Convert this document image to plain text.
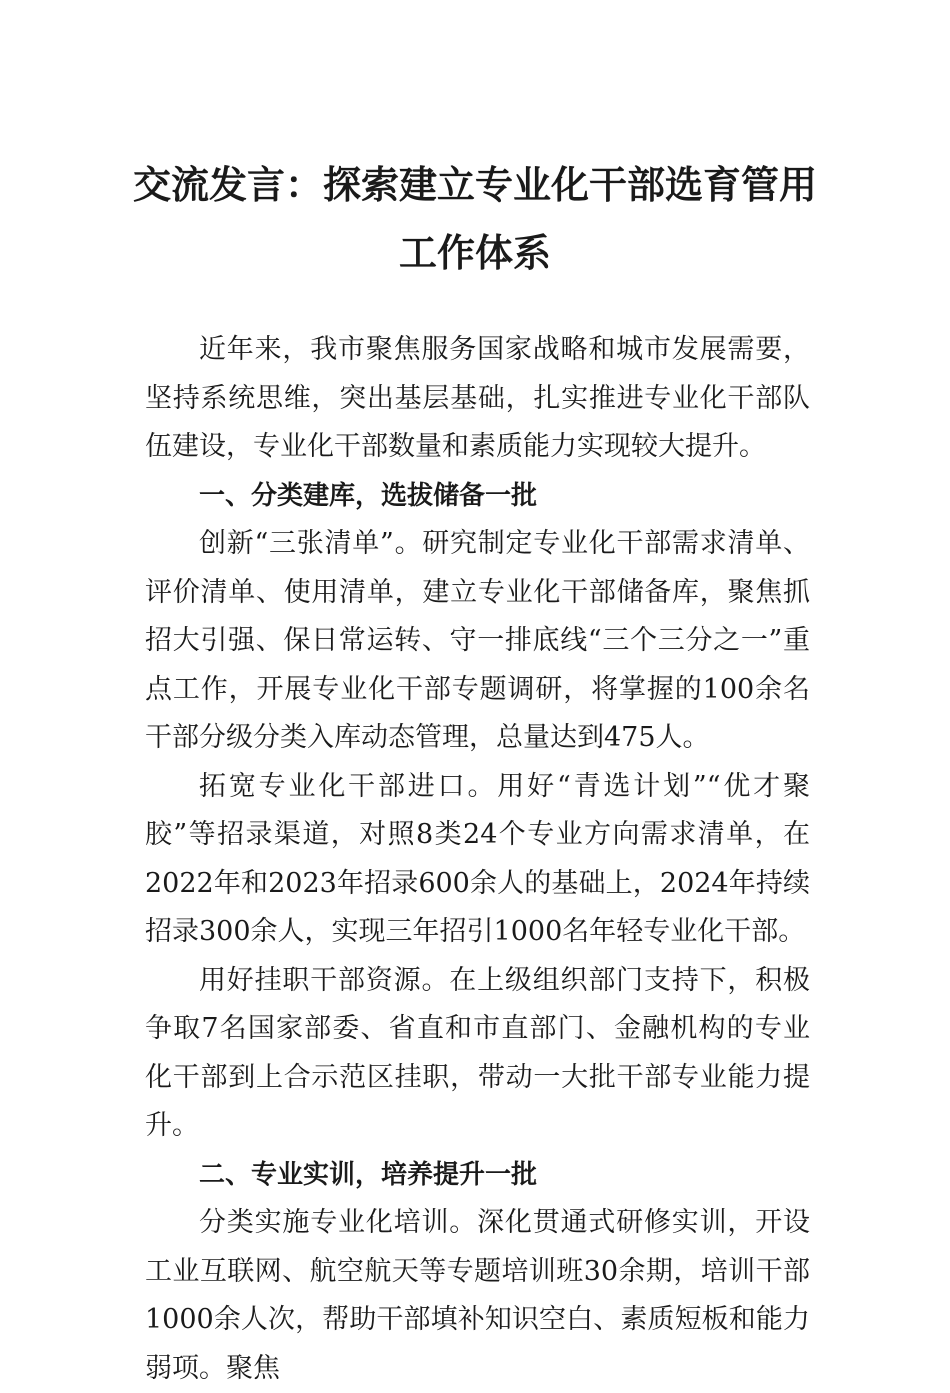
交流发言：探索建立专业化干部选育管用
工作体系

近年来，我市聚焦服务国家战略和城市发展需要，坚持系统思维，突出基层基础，扎实推进专业化干部队伍建设，专业化干部数量和素质能力实现较大提升。

一、分类建库，选拔储备一批

创新“三张清单”。研究制定专业化干部需求清单、评价清单、使用清单，建立专业化干部储备库，聚焦抓招大引强、保日常运转、守一排底线“三个三分之一”重点工作，开展专业化干部专题调研，将掌握的100余名干部分级分类入库动态管理，总量达到475人。

拓宽专业化干部进口。用好“青选计划”“优才聚胶”等招录渠道，对照8类24个专业方向需求清单，在2022年和2023年招录600余人的基础上，2024年持续招录300余人，实现三年招引1000名年轻专业化干部。

用好挂职干部资源。在上级组织部门支持下，积极争取7名国家部委、省直和市直部门、金融机构的专业化干部到上合示范区挂职，带动一大批干部专业能力提升。

二、专业实训，培养提升一批

分类实施专业化培训。深化贯通式研修实训，开设工业互联网、航空航天等专题培训班30余期，培训干部1000余人次，帮助干部填补知识空白、素质短板和能力弱项。聚焦
